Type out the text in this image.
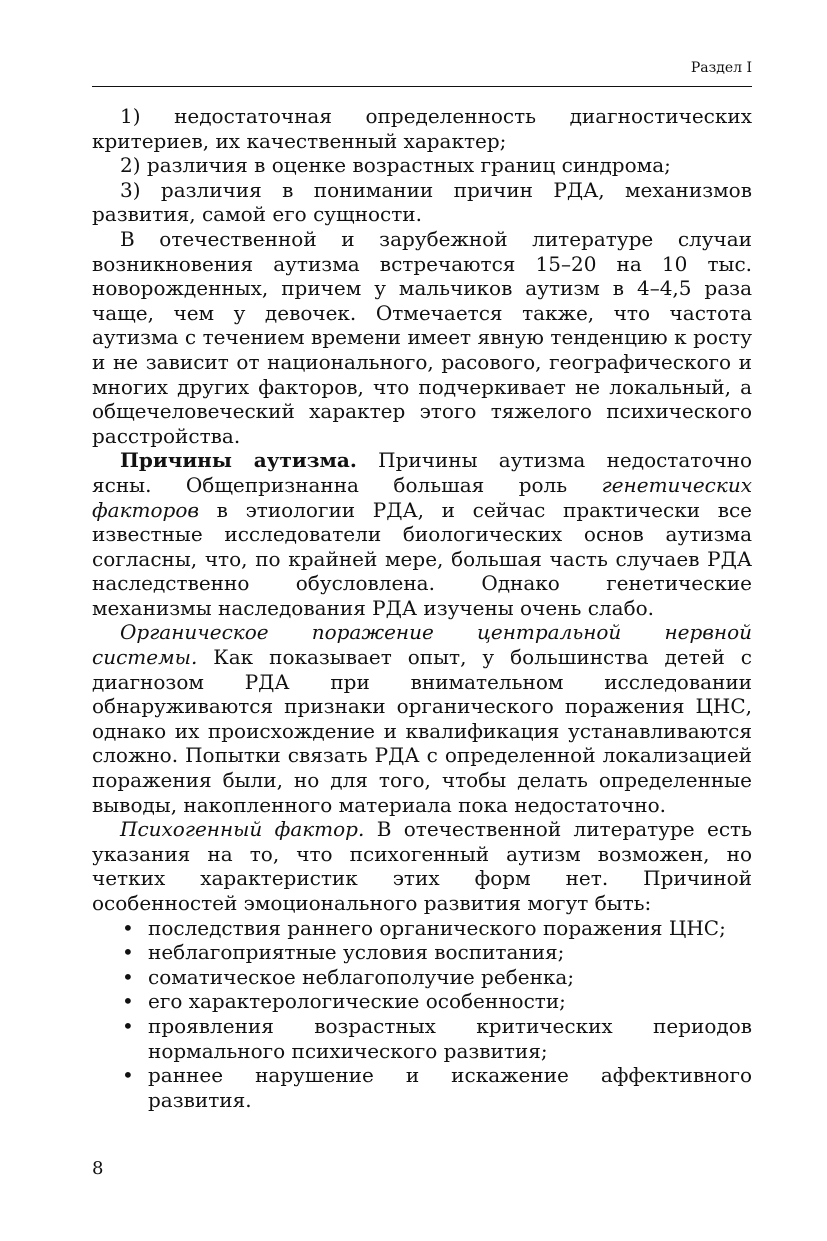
Раздел I

1) недостаточная определенность диагностических критериев, их качественный характер;

2) различия в оценке возрастных границ синдрома;

3) различия в понимании причин РДА, механизмов развития, самой его сущности.

В отечественной и зарубежной литературе случаи возникновения аутизма встречаются 15–20 на 10 тыс. новорожденных, причем у мальчиков аутизм в 4–4,5 раза чаще, чем у девочек. Отмечается также, что частота аутизма с течением времени имеет явную тенденцию к росту и не зависит от национального, расового, географического и многих других факторов, что подчеркивает не локальный, а общечеловеческий характер этого тяжелого психического расстройства.

Причины аутизма. Причины аутизма недостаточно ясны. Общепризнанна большая роль генетических факторов в этиологии РДА, и сейчас практически все известные исследователи биологических основ аутизма согласны, что, по крайней мере, большая часть случаев РДА наследственно обусловлена. Однако генетические механизмы наследования РДА изучены очень слабо.

Органическое поражение центральной нервной системы. Как показывает опыт, у большинства детей с диагнозом РДА при внимательном исследовании обнаруживаются признаки органического поражения ЦНС, однако их происхождение и квалификация устанавливаются сложно. Попытки связать РДА с определенной локализацией поражения были, но для того, чтобы делать определенные выводы, накопленного материала пока недостаточно.

Психогенный фактор. В отечественной литературе есть указания на то, что психогенный аутизм возможен, но четких характеристик этих форм нет. Причиной особенностей эмоционального развития могут быть:

• последствия раннего органического поражения ЦНС;
• неблагоприятные условия воспитания;
• соматическое неблагополучие ребенка;
• его характерологические особенности;
• проявления возрастных критических периодов нормального психического развития;
• раннее нарушение и искажение аффективного развития.
8
